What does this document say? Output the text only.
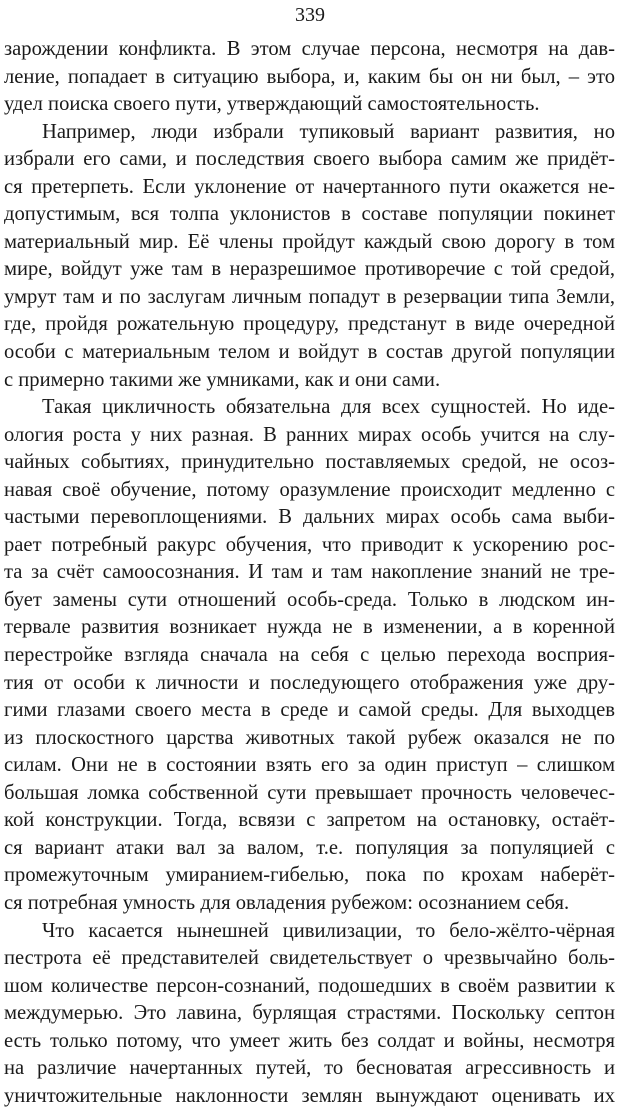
339
зарождении конфликта. В этом случае персона, несмотря на дав-
ление, попадает в ситуацию выбора, и, каким бы он ни был, – это
удел поиска своего пути, утверждающий самостоятельность.
Например, люди избрали тупиковый вариант развития, но
избрали его сами, и последствия своего выбора самим же придёт-
ся претерпеть. Если уклонение от начертанного пути окажется не-
допустимым, вся толпа уклонистов в составе популяции покинет
материальный мир. Её члены пройдут каждый свою дорогу в том
мире, войдут уже там в неразрешимое противоречие с той средой,
умрут там и по заслугам личным попадут в резервации типа Земли,
где, пройдя рожательную процедуру, предстанут в виде очередной
особи с материальным телом и войдут в состав другой популяции
с примерно такими же умниками, как и они сами.
Такая цикличность обязательна для всех сущностей. Но иде-
ология роста у них разная. В ранних мирах особь учится на слу-
чайных событиях, принудительно поставляемых средой, не осоз-
навая своё обучение, потому оразумление происходит медленно с
частыми перевоплощениями. В дальних мирах особь сама выби-
рает потребный ракурс обучения, что приводит к ускорению рос-
та за счёт самоосознания. И там и там накопление знаний не тре-
бует замены сути отношений особь-среда. Только в людском ин-
тервале развития возникает нужда не в изменении, а в коренной
перестройке взгляда сначала на себя с целью перехода восприя-
тия от особи к личности и последующего отображения уже дру-
гими глазами своего места в среде и самой среды. Для выходцев
из плоскостного царства животных такой рубеж оказался не по
силам. Они не в состоянии взять его за один приступ – слишком
большая ломка собственной сути превышает прочность человечес-
кой конструкции. Тогда, всвязи с запретом на остановку, остаёт-
ся вариант атаки вал за валом, т.е. популяция за популяцией с
промежуточным умиранием-гибелью, пока по крохам наберёт-
ся потребная умность для овладения рубежом: осознанием себя.
Что касается нынешней цивилизации, то бело-жёлто-чёрная
пестрота её представителей свидетельствует о чрезвычайно боль-
шом количестве персон-сознаний, подошедших в своём развитии к
междумерью. Это лавина, бурлящая страстями. Поскольку септон
есть только потому, что умеет жить без солдат и войны, несмотря
на различие начертанных путей, то бесноватая агрессивность и
уничтожительные наклонности землян вынуждают оценивать их
